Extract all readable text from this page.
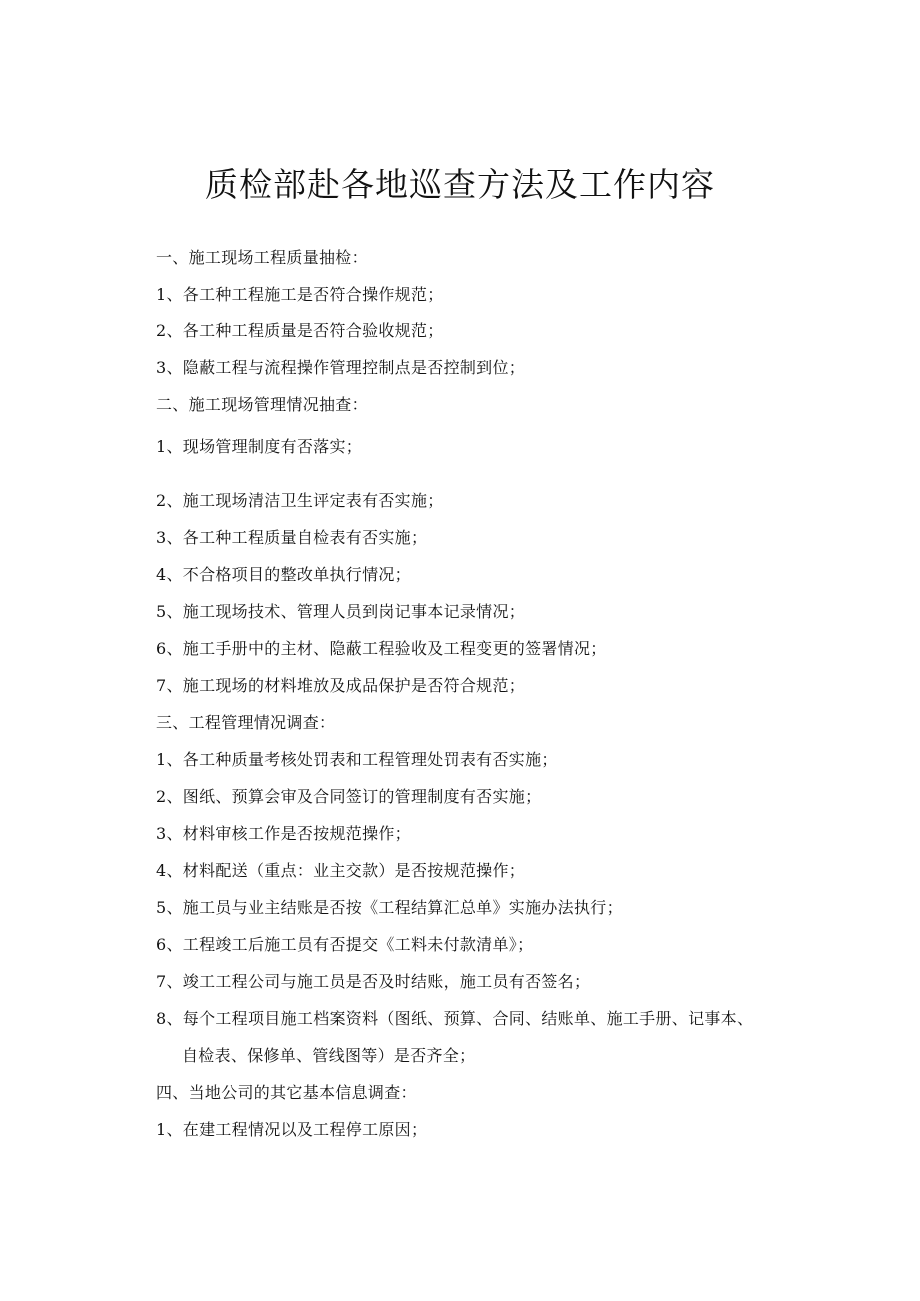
质检部赴各地巡查方法及工作内容
一、施工现场工程质量抽检：
1、各工种工程施工是否符合操作规范；
2、各工种工程质量是否符合验收规范；
3、隐蔽工程与流程操作管理控制点是否控制到位；
二、施工现场管理情况抽查：
1、现场管理制度有否落实；
2、施工现场清洁卫生评定表有否实施；
3、各工种工程质量自检表有否实施；
4、不合格项目的整改单执行情况；
5、施工现场技术、管理人员到岗记事本记录情况；
6、施工手册中的主材、隐蔽工程验收及工程变更的签署情况；
7、施工现场的材料堆放及成品保护是否符合规范；
三、工程管理情况调查：
1、各工种质量考核处罚表和工程管理处罚表有否实施；
2、图纸、预算会审及合同签订的管理制度有否实施；
3、材料审核工作是否按规范操作；
4、材料配送（重点：业主交款）是否按规范操作；
5、施工员与业主结账是否按《工程结算汇总单》实施办法执行；
6、工程竣工后施工员有否提交《工料未付款清单》；
7、竣工工程公司与施工员是否及时结账，施工员有否签名；
8、每个工程项目施工档案资料（图纸、预算、合同、结账单、施工手册、记事本、
自检表、保修单、管线图等）是否齐全；
四、当地公司的其它基本信息调查：
1、在建工程情况以及工程停工原因；
